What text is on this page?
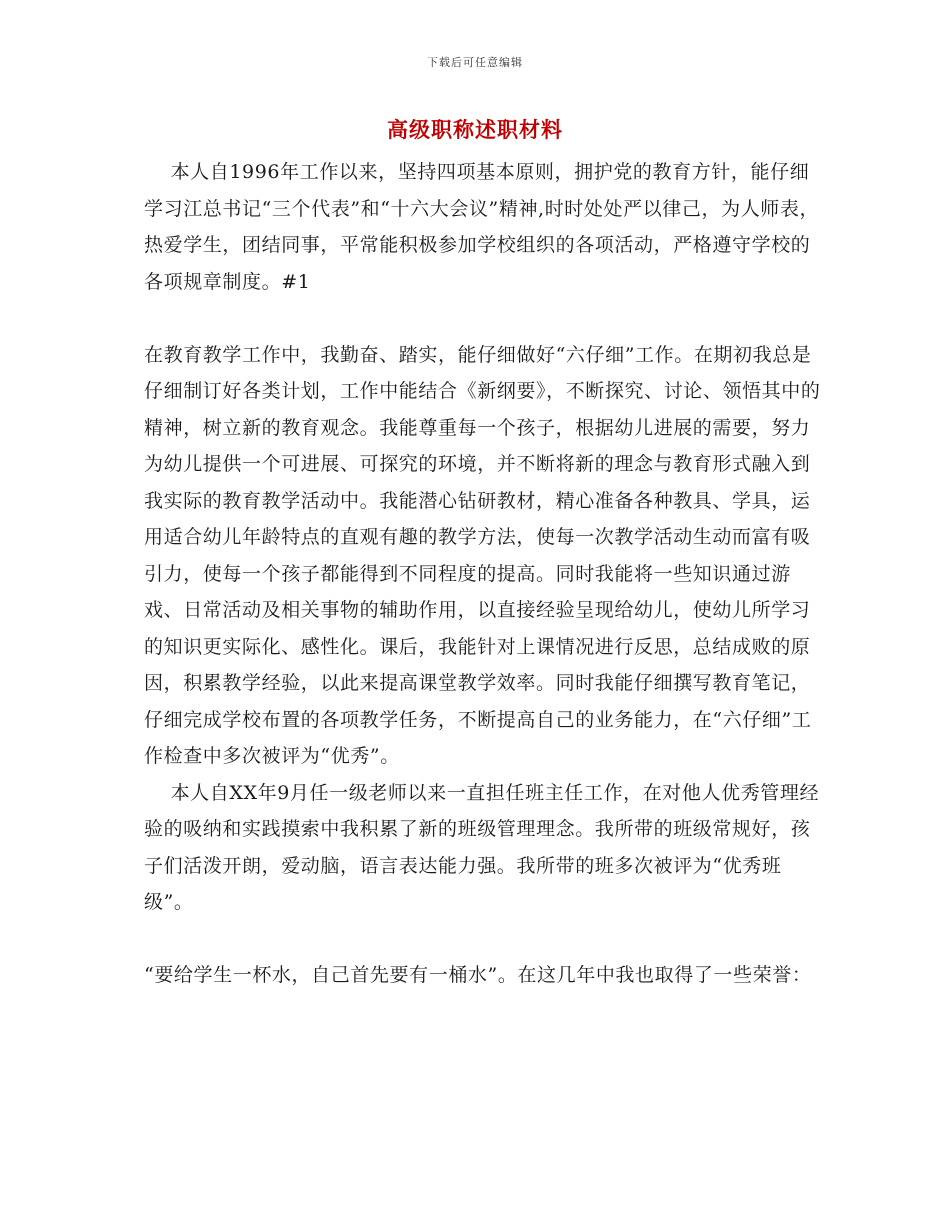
下载后可任意编辑
高级职称述职材料

本人自1996年工作以来，坚持四项基本原则，拥护党的教育方针，能仔细学习江总书记“三个代表”和“十六大会议”精神,时时处处严以律己，为人师表，热爱学生，团结同事，平常能积极参加学校组织的各项活动，严格遵守学校的各项规章制度。#1

在教育教学工作中，我勤奋、踏实，能仔细做好“六仔细”工作。在期初我总是仔细制订好各类计划，工作中能结合《新纲要》，不断探究、讨论、领悟其中的精神，树立新的教育观念。我能尊重每一个孩子，根据幼儿进展的需要，努力为幼儿提供一个可进展、可探究的环境，并不断将新的理念与教育形式融入到我实际的教育教学活动中。我能潜心钻研教材，精心准备各种教具、学具，运用适合幼儿年龄特点的直观有趣的教学方法，使每一次教学活动生动而富有吸引力，使每一个孩子都能得到不同程度的提高。同时我能将一些知识通过游戏、日常活动及相关事物的辅助作用，以直接经验呈现给幼儿，使幼儿所学习的知识更实际化、感性化。课后，我能针对上课情况进行反思，总结成败的原因，积累教学经验，以此来提高课堂教学效率。同时我能仔细撰写教育笔记，仔细完成学校布置的各项教学任务，不断提高自己的业务能力，在“六仔细”工作检查中多次被评为“优秀”。

本人自XX年9月任一级老师以来一直担任班主任工作，在对他人优秀管理经验的吸纳和实践摸索中我积累了新的班级管理理念。我所带的班级常规好，孩子们活泼开朗，爱动脑，语言表达能力强。我所带的班多次被评为“优秀班级”。

“要给学生一杯水，自己首先要有一桶水”。在这几年中我也取得了一些荣誉：
